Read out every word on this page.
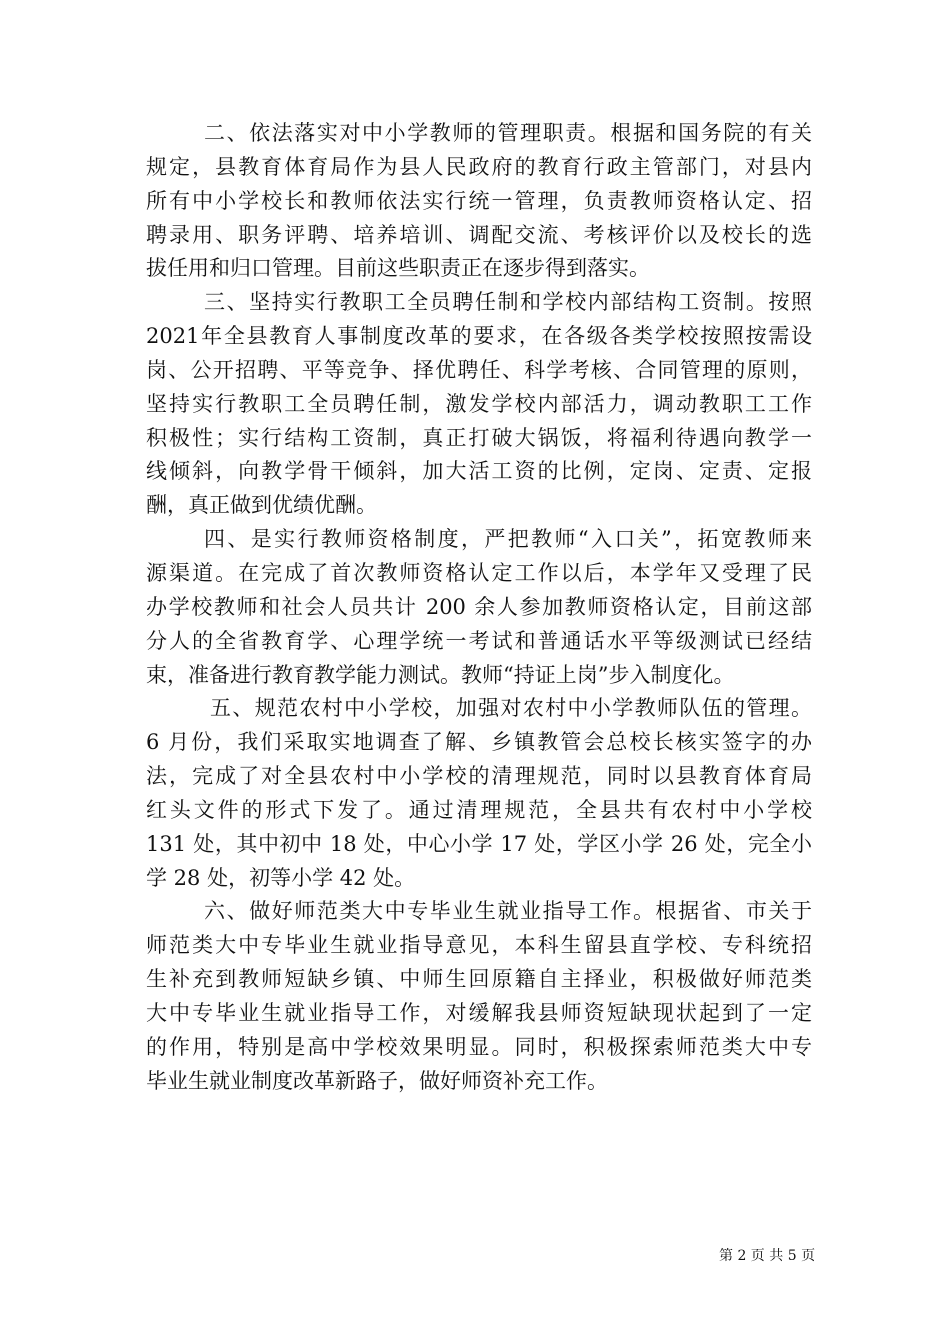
二、依法落实对中小学教师的管理职责。根据和国务院的有关
规定，县教育体育局作为县人民政府的教育行政主管部门，对县内
所有中小学校长和教师依法实行统一管理，负责教师资格认定、招
聘录用、职务评聘、培养培训、调配交流、考核评价以及校长的选
拔任用和归口管理。目前这些职责正在逐步得到落实。
三、坚持实行教职工全员聘任制和学校内部结构工资制。按照
2021年全县教育人事制度改革的要求，在各级各类学校按照按需设
岗、公开招聘、平等竞争、择优聘任、科学考核、合同管理的原则，
坚持实行教职工全员聘任制，激发学校内部活力，调动教职工工作
积极性；实行结构工资制，真正打破大锅饭，将福利待遇向教学一
线倾斜，向教学骨干倾斜，加大活工资的比例，定岗、定责、定报
酬，真正做到优绩优酬。
四、是实行教师资格制度，严把教师“入口关”，拓宽教师来
源渠道。在完成了首次教师资格认定工作以后，本学年又受理了民
办学校教师和社会人员共计 200 余人参加教师资格认定，目前这部
分人的全省教育学、心理学统一考试和普通话水平等级测试已经结
束，准备进行教育教学能力测试。教师“持证上岗”步入制度化。
五、规范农村中小学校，加强对农村中小学教师队伍的管理。
6 月份，我们采取实地调查了解、乡镇教管会总校长核实签字的办
法，完成了对全县农村中小学校的清理规范，同时以县教育体育局
红头文件的形式下发了。通过清理规范，全县共有农村中小学校
131 处，其中初中 18 处，中心小学 17 处，学区小学 26 处，完全小
学 28 处，初等小学 42 处。
六、做好师范类大中专毕业生就业指导工作。根据省、市关于
师范类大中专毕业生就业指导意见，本科生留县直学校、专科统招
生补充到教师短缺乡镇、中师生回原籍自主择业，积极做好师范类
大中专毕业生就业指导工作，对缓解我县师资短缺现状起到了一定
的作用，特别是高中学校效果明显。同时，积极探索师范类大中专
毕业生就业制度改革新路子，做好师资补充工作。
第 2 页 共 5 页
